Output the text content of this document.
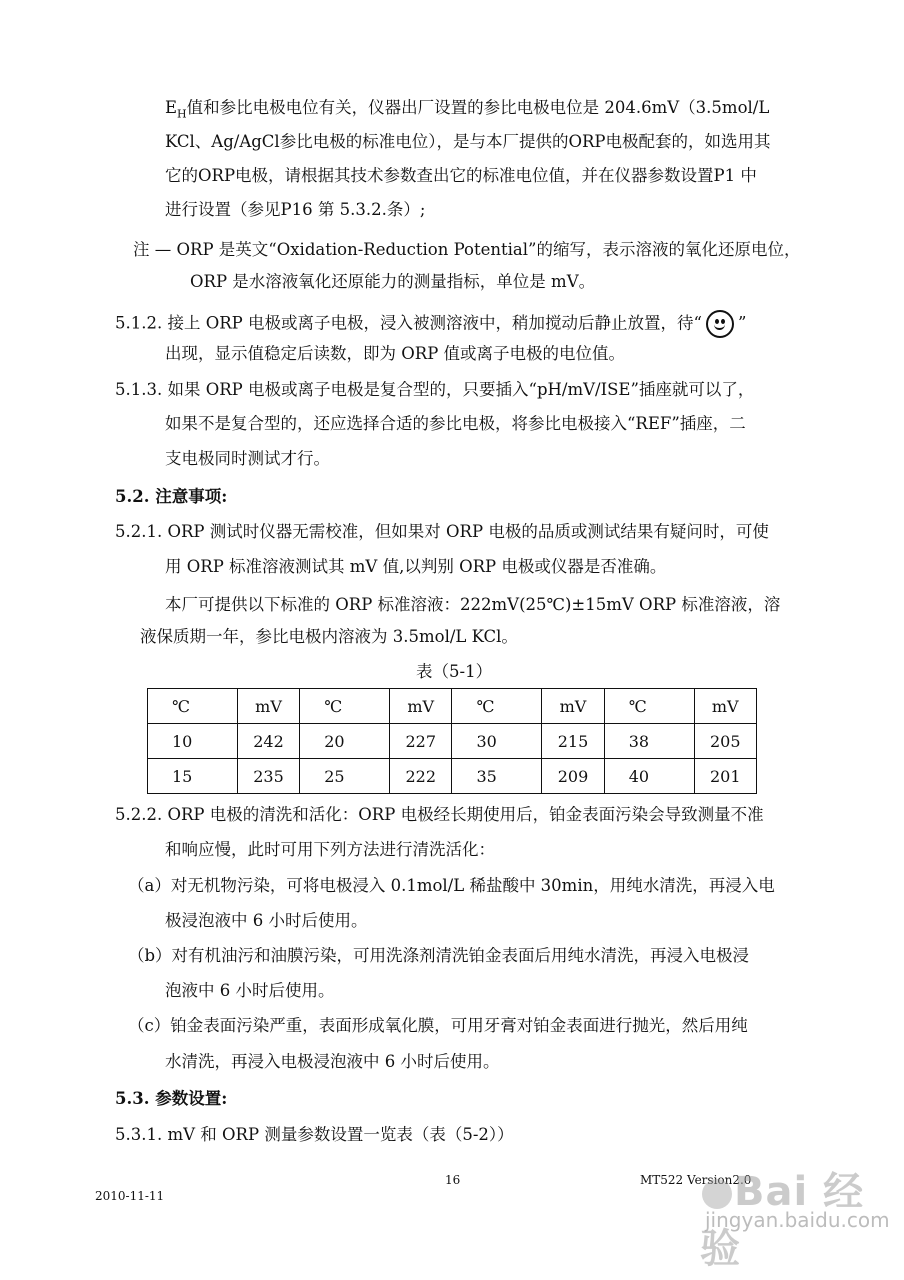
$E_H$值和参比电极电位有关，仪器出厂设置的参比电极电位是 204.6mV（3.5mol/L
KCl、Ag/AgCl参比电极的标准电位），是与本厂提供的ORP电极配套的，如选用其
它的ORP电极，请根据其技术参数查出它的标准电位值，并在仪器参数设置P1 中
进行设置（参见P16 第 5.3.2.条）;
注 — ORP 是英文“Oxidation-Reduction Potential”的缩写，表示溶液的氧化还原电位，
ORP 是水溶液氧化还原能力的测量指标，单位是 mV。
5.1.2. 接上 ORP 电极或离子电极，浸入被测溶液中，稍加搅动后静止放置，待“ ”
出现，显示值稳定后读数，即为 ORP 值或离子电极的电位值。
5.1.3. 如果 ORP 电极或离子电极是复合型的，只要插入“pH/mV/ISE”插座就可以了，
如果不是复合型的，还应选择合适的参比电极，将参比电极接入“REF”插座，二
支电极同时测试才行。
5.2. 注意事项:
5.2.1. ORP 测试时仪器无需校准，但如果对 ORP 电极的品质或测试结果有疑问时，可使
用 ORP 标准溶液测试其 mV 值,以判别 ORP 电极或仪器是否准确。
本厂可提供以下标准的 ORP 标准溶液：222mV(25℃)±15mV ORP 标准溶液，溶
液保质期一年，参比电极内溶液为 3.5mol/L KCl。
表（5-1）
℃	mV	℃	mV	℃	mV	℃	mV
10	242	20	227	30	215	38	205
15	235	25	222	35	209	40	201
5.2.2. ORP 电极的清洗和活化：ORP 电极经长期使用后，铂金表面污染会导致测量不准
和响应慢，此时可用下列方法进行清洗活化：
（a）对无机物污染，可将电极浸入 0.1mol/L 稀盐酸中 30min，用纯水清洗，再浸入电
极浸泡液中 6 小时后使用。
（b）对有机油污和油膜污染，可用洗涤剂清洗铂金表面后用纯水清洗，再浸入电极浸
泡液中 6 小时后使用。
（c）铂金表面污染严重，表面形成氧化膜，可用牙膏对铂金表面进行抛光，然后用纯
水清洗，再浸入电极浸泡液中 6 小时后使用。
5.3. 参数设置:
5.3.1. mV 和 ORP 测量参数设置一览表（表（5-2））
16	MT522 Version2.0
2010-11-11	Bai 经验
jingyan.baidu.com
